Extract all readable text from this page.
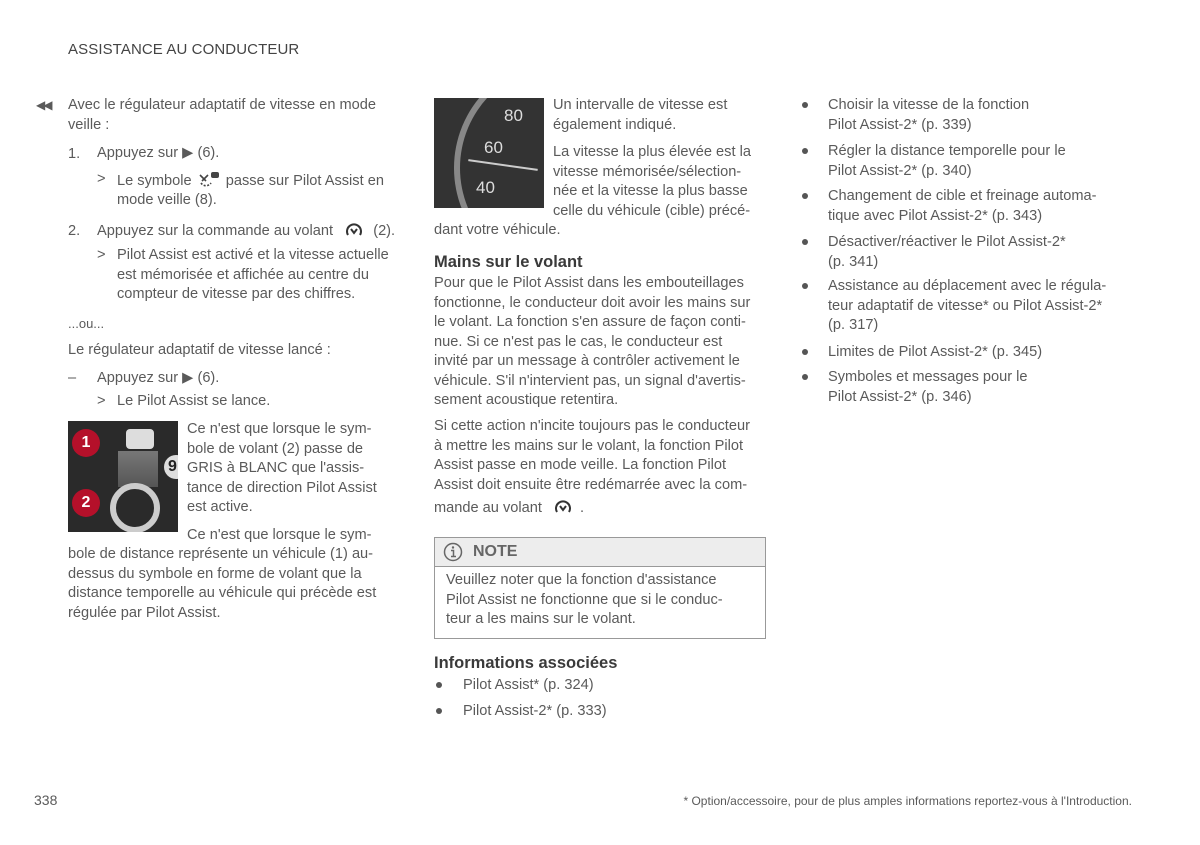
ASSISTANCE AU CONDUCTEUR
◀◀ Avec le régulateur adaptatif de vitesse en mode
veille :
1. Appuyez sur ▶ (6).
> Le symbole passe sur Pilot Assist en
mode veille (8).
2. Appuyez sur la commande au volant	(2).
> Pilot Assist est activé et la vitesse actuelle
est mémorisée et affichée au centre du
compteur de vitesse par des chiffres.
...ou...
Le régulateur adaptatif de vitesse lancé :
– Appuyez sur ▶ (6).
> Le Pilot Assist se lance.
9
1
2
Ce n'est que lorsque le sym-
bole de volant (2) passe de
GRIS à BLANC que l'assis-
tance de direction Pilot Assist
est active.
Ce n'est que lorsque le sym-
bole de distance représente un véhicule (1) au-
dessus du symbole en forme de volant que la
distance temporelle au véhicule qui précède est
régulée par Pilot Assist.
80
60
40
Un intervalle de vitesse est
également indiqué.
La vitesse la plus élevée est la
vitesse mémorisée/sélection-
née et la vitesse la plus basse
celle du véhicule (cible) précé-
dant votre véhicule.
Mains sur le volant
Pour que le Pilot Assist dans les embouteillages
fonctionne, le conducteur doit avoir les mains sur
le volant. La fonction s'en assure de façon conti-
nue. Si ce n'est pas le cas, le conducteur est
invité par un message à contrôler activement le
véhicule. S'il n'intervient pas, un signal d'avertis-
sement acoustique retentira.
Si cette action n'incite toujours pas le conducteur
à mettre les mains sur le volant, la fonction Pilot
Assist passe en mode veille. La fonction Pilot
Assist doit ensuite être redémarrée avec la com-
mande au volant	.
NOTE
Veuillez noter que la fonction d'assistance
Pilot Assist ne fonctionne que si le conduc-
teur a les mains sur le volant.
Informations associées
Pilot Assist* (p. 324)
Pilot Assist-2* (p. 333)
Choisir la vitesse de la fonction
Pilot Assist-2* (p. 339)
Régler la distance temporelle pour le
Pilot Assist-2* (p. 340)
Changement de cible et freinage automa-
tique avec Pilot Assist-2* (p. 343)
Désactiver/réactiver le Pilot Assist-2*
(p. 341)
Assistance au déplacement avec le régula-
teur adaptatif de vitesse* ou Pilot Assist-2*
(p. 317)
Limites de Pilot Assist-2* (p. 345)
Symboles et messages pour le
Pilot Assist-2* (p. 346)
338	* Option/accessoire, pour de plus amples informations reportez-vous à l'Introduction.
